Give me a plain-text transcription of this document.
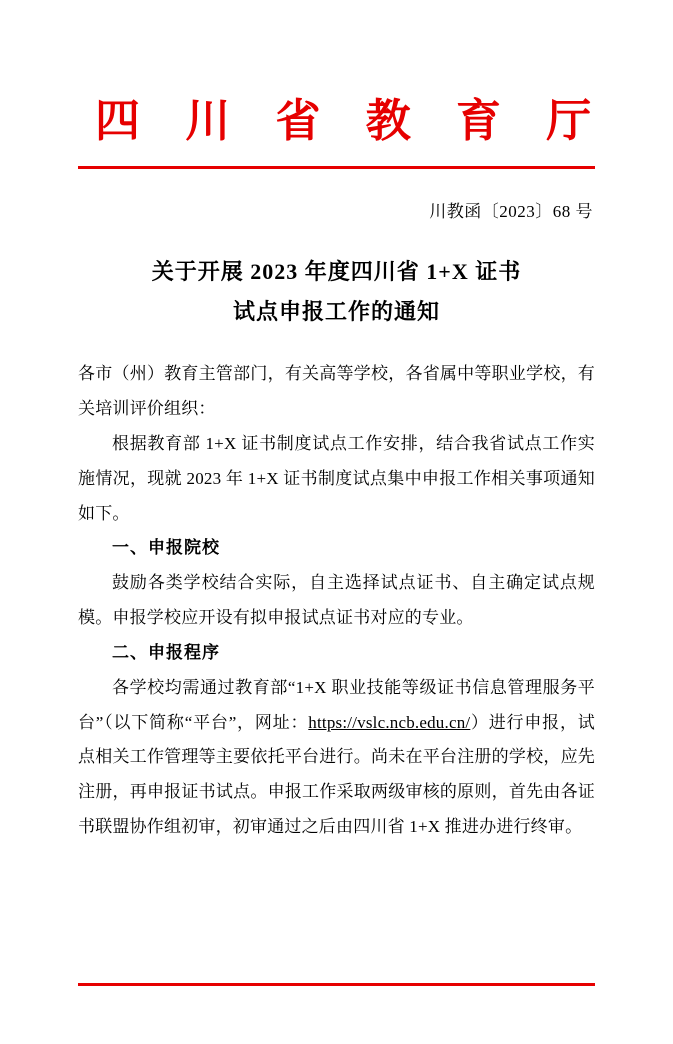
四 川 省 教 育 厅
川教函〔2023〕68 号
关于开展 2023 年度四川省 1+X 证书
试点申报工作的通知

各市（州）教育主管部门，有关高等学校，各省属中等职业学校，有关培训评价组织：

根据教育部 1+X 证书制度试点工作安排，结合我省试点工作实施情况，现就 2023 年 1+X 证书制度试点集中申报工作相关事项通知如下。

一、申报院校

鼓励各类学校结合实际，自主选择试点证书、自主确定试点规模。申报学校应开设有拟申报试点证书对应的专业。

二、申报程序

各学校均需通过教育部“1+X 职业技能等级证书信息管理服务平台”（以下简称“平台”，网址：https://vslc.ncb.edu.cn/）进行申报，试点相关工作管理等主要依托平台进行。尚未在平台注册的学校，应先注册，再申报证书试点。申报工作采取两级审核的原则，首先由各证书联盟协作组初审，初审通过之后由四川省 1+X 推进办进行终审。
